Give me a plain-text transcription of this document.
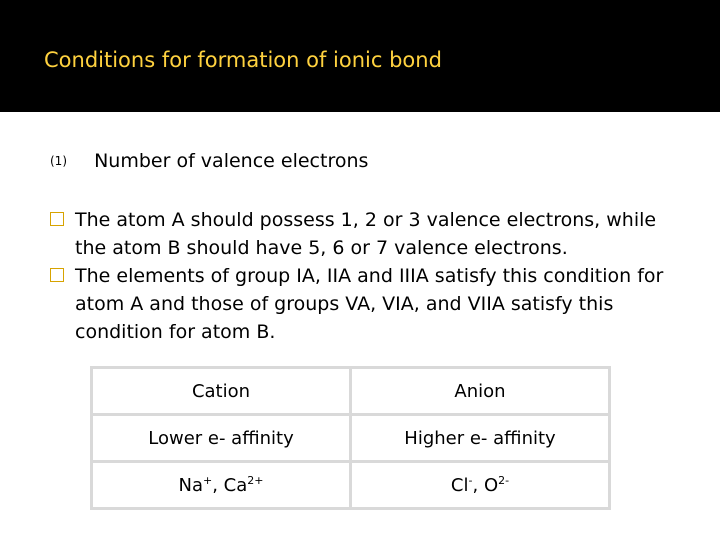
Conditions for formation of ionic bond
(1) Number of valence electrons
The atom A should possess 1, 2 or 3 valence electrons, while the atom B should have 5, 6 or 7 valence electrons.
The elements of group IA, IIA and IIIA satisfy this condition for atom A and those of groups VA, VIA, and VIIA satisfy this condition for atom B.
Cation	Anion
Lower e- affinity	Higher e- affinity
Na+, $Ca^{2+}$	Cl-, $O^{2-}$
